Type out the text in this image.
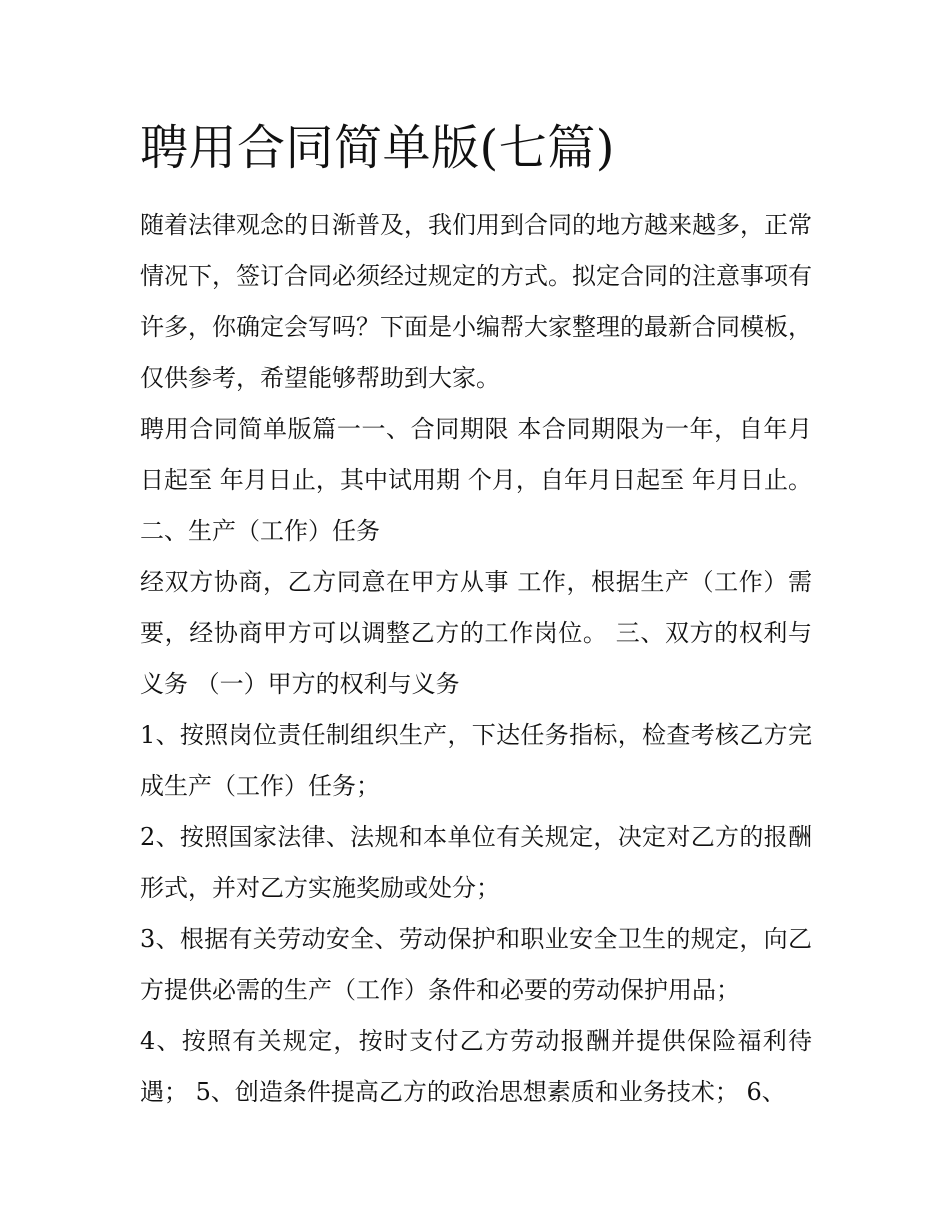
聘用合同简单版(七篇)

随着法律观念的日渐普及，我们用到合同的地方越来越多，正常情况下，签订合同必须经过规定的方式。拟定合同的注意事项有许多，你确定会写吗？下面是小编帮大家整理的最新合同模板，仅供参考，希望能够帮助到大家。

聘用合同简单版篇一一、合同期限 本合同期限为一年，自年月日起至 年月日止，其中试用期 个月，自年月日起至 年月日止。 二、生产（工作）任务

经双方协商，乙方同意在甲方从事 工作，根据生产（工作）需要，经协商甲方可以调整乙方的工作岗位。 三、双方的权利与义务 （一）甲方的权利与义务

1、按照岗位责任制组织生产，下达任务指标，检查考核乙方完成生产（工作）任务；

2、按照国家法律、法规和本单位有关规定，决定对乙方的报酬形式，并对乙方实施奖励或处分；

3、根据有关劳动安全、劳动保护和职业安全卫生的规定，向乙方提供必需的生产（工作）条件和必要的劳动保护用品；

4、按照有关规定，按时支付乙方劳动报酬并提供保险福利待遇； 5、创造条件提高乙方的政治思想素质和业务技术； 6、
